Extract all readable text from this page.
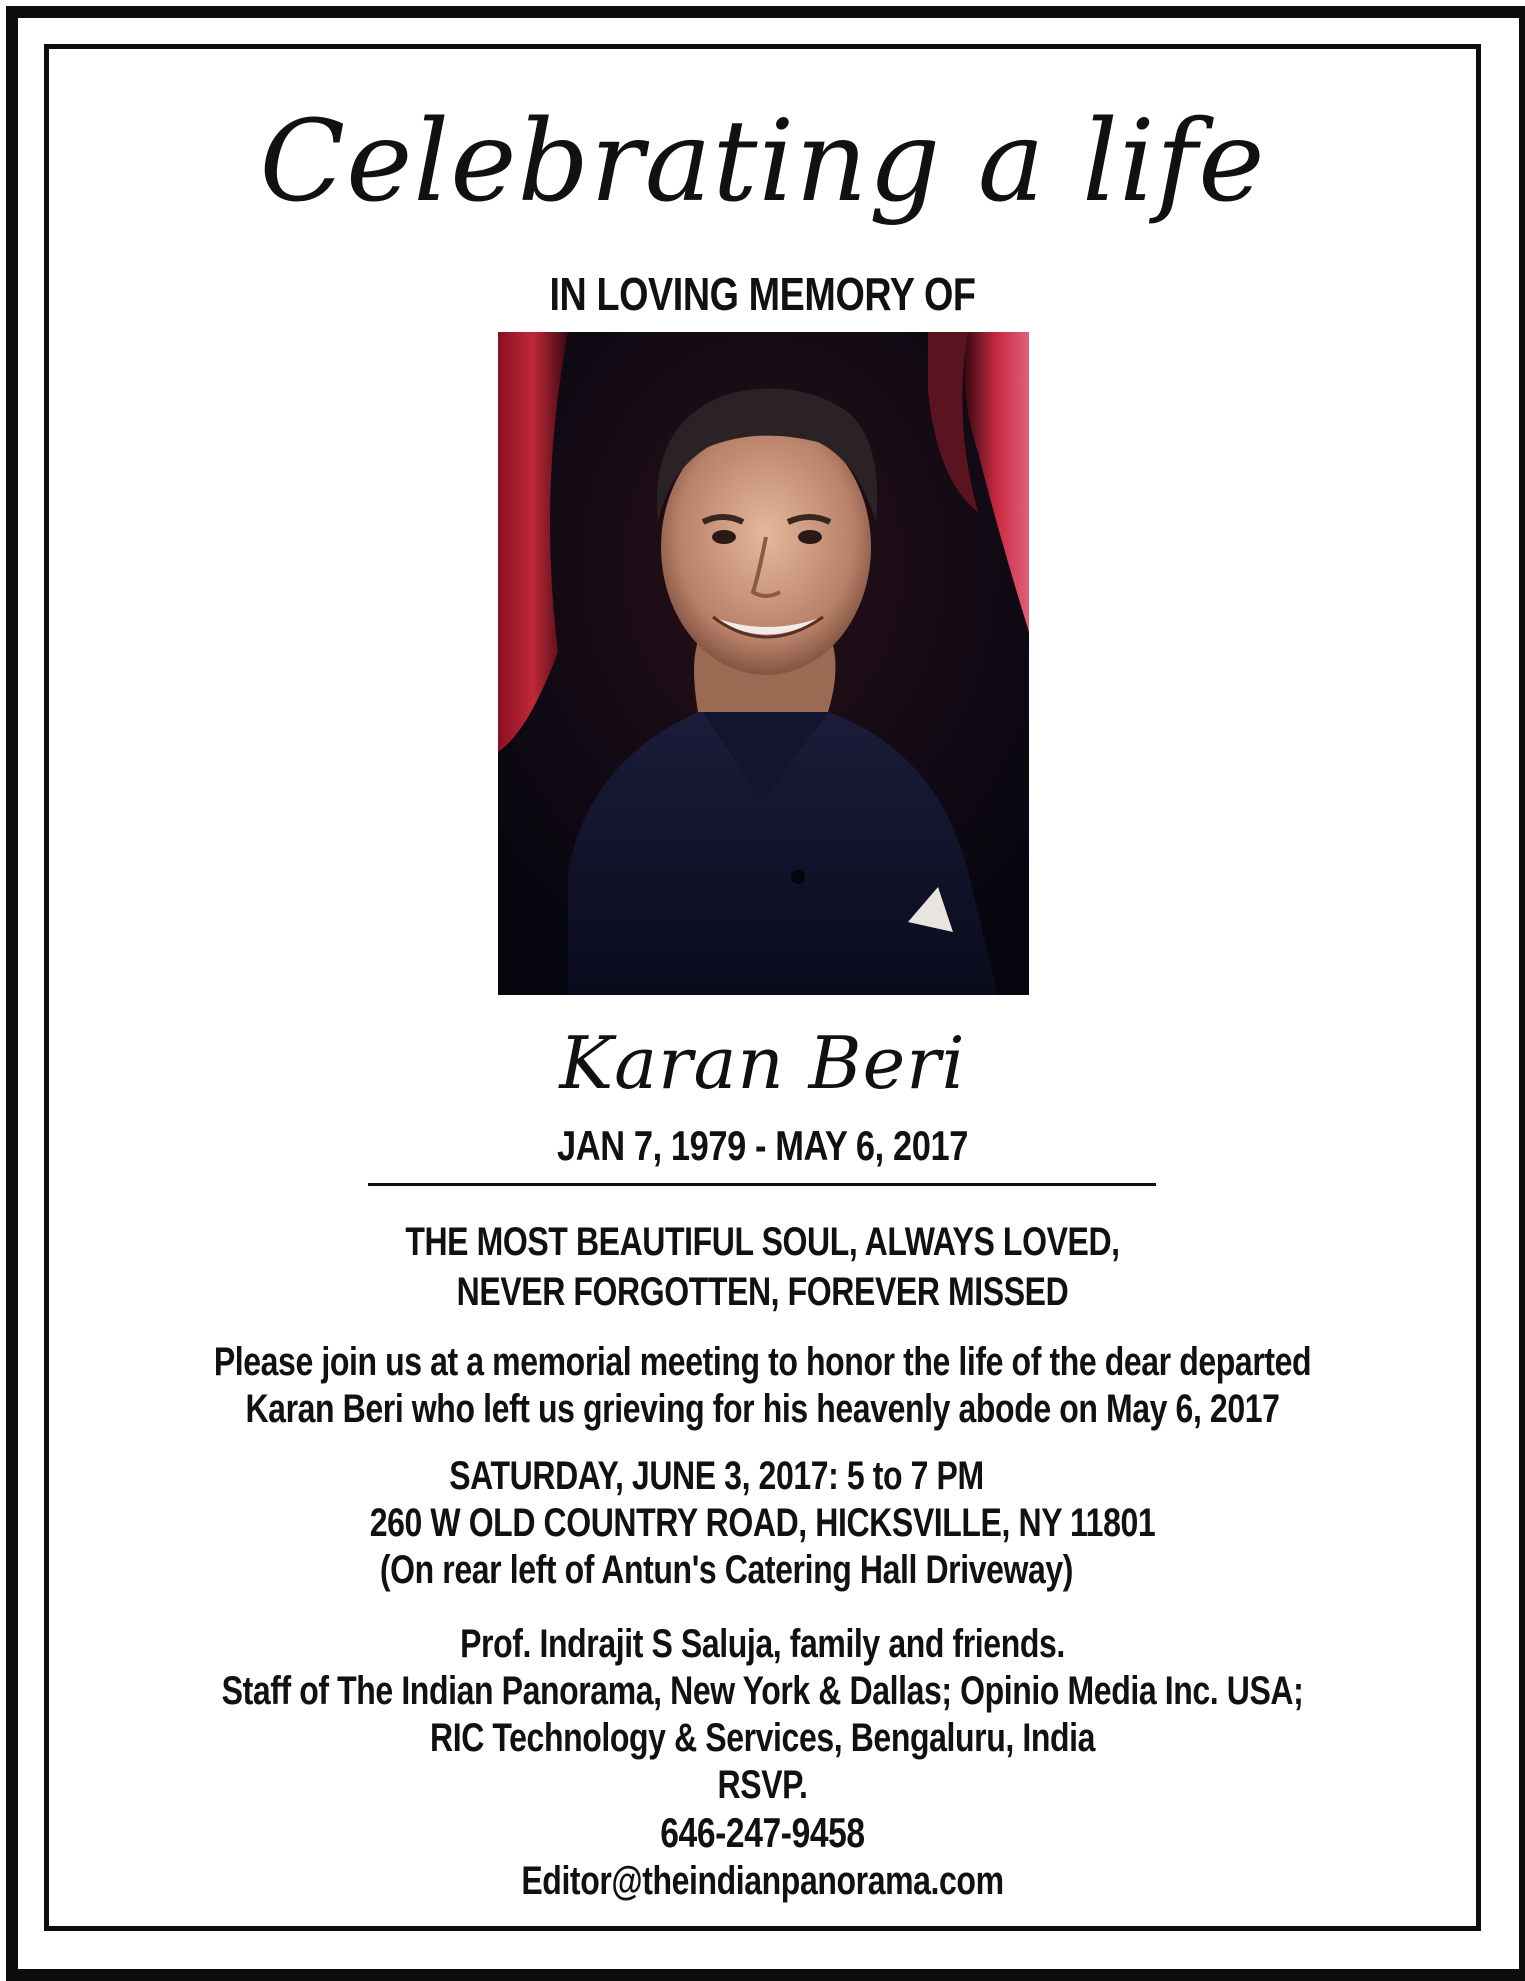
Celebrating a life
IN LOVING MEMORY OF
Karan Beri
JAN 7, 1979 - MAY 6, 2017
THE MOST BEAUTIFUL SOUL, ALWAYS LOVED,
NEVER FORGOTTEN, FOREVER MISSED
Please join us at a memorial meeting to honor the life of the dear departed
Karan Beri who left us grieving for his heavenly abode on May 6, 2017
SATURDAY, JUNE 3, 2017: 5 to 7 PM
260 W OLD COUNTRY ROAD, HICKSVILLE, NY 11801
(On rear left of Antun's Catering Hall Driveway)
Prof. Indrajit S Saluja, family and friends.
Staff of The Indian Panorama, New York & Dallas; Opinio Media Inc. USA;
RIC Technology & Services, Bengaluru, India
RSVP.
646-247-9458
Editor@theindianpanorama.com
